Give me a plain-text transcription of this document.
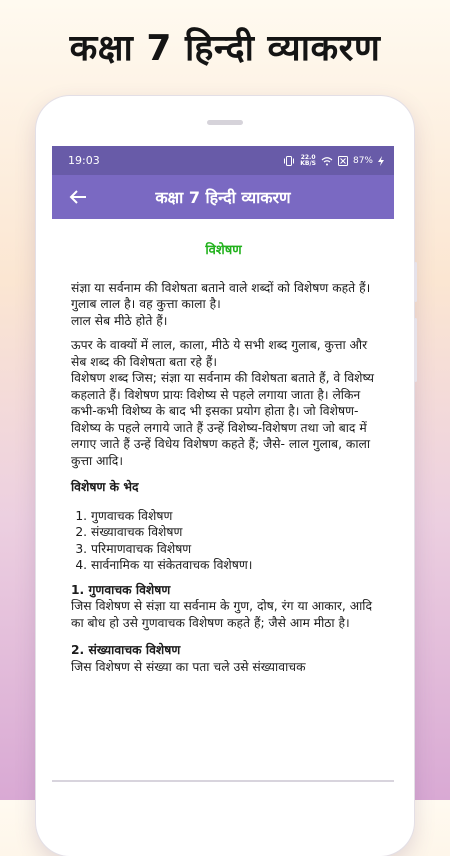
कक्षा 7 हिन्दी व्याकरण
19:03	22.0
KB/S	87%
कक्षा 7 हिन्दी व्याकरण
विशेषण

संज्ञा या सर्वनाम की विशेषता बताने वाले शब्दों को विशेषण कहते हैं।

गुलाब लाल है। वह कुत्ता काला है।

लाल सेब मीठे होते हैं।

ऊपर के वाक्यों में लाल, काला, मीठे ये सभी शब्द गुलाब, कुत्ता और सेब शब्द की विशेषता बता रहे हैं।

विशेषण शब्द जिस; संज्ञा या सर्वनाम की विशेषता बताते हैं, वे विशेष्य कहलाते हैं। विशेषण प्रायः विशेष्य से पहले लगाया जाता है। लेकिन कभी-कभी विशेष्य के बाद भी इसका प्रयोग होता है। जो विशेषण-विशेष्य के पहले लगाये जाते हैं उन्हें विशेष्य-विशेषण तथा जो बाद में लगाए जाते हैं उन्हें विधेय विशेषण कहते हैं; जैसे- लाल गुलाब, काला कुत्ता आदि।

विशेषण के भेद
1. गुणवाचक विशेषण
2. संख्यावाचक विशेषण
3. परिमाणवाचक विशेषण
4. सार्वनामिक या संकेतवाचक विशेषण।
1. गुणवाचक विशेषण

जिस विशेषण से संज्ञा या सर्वनाम के गुण, दोष, रंग या आकार, आदि का बोध हो उसे गुणवाचक विशेषण कहते हैं; जैसे आम मीठा है।

2. संख्यावाचक विशेषण

जिस विशेषण से संख्या का पता चले उसे संख्यावाचक
